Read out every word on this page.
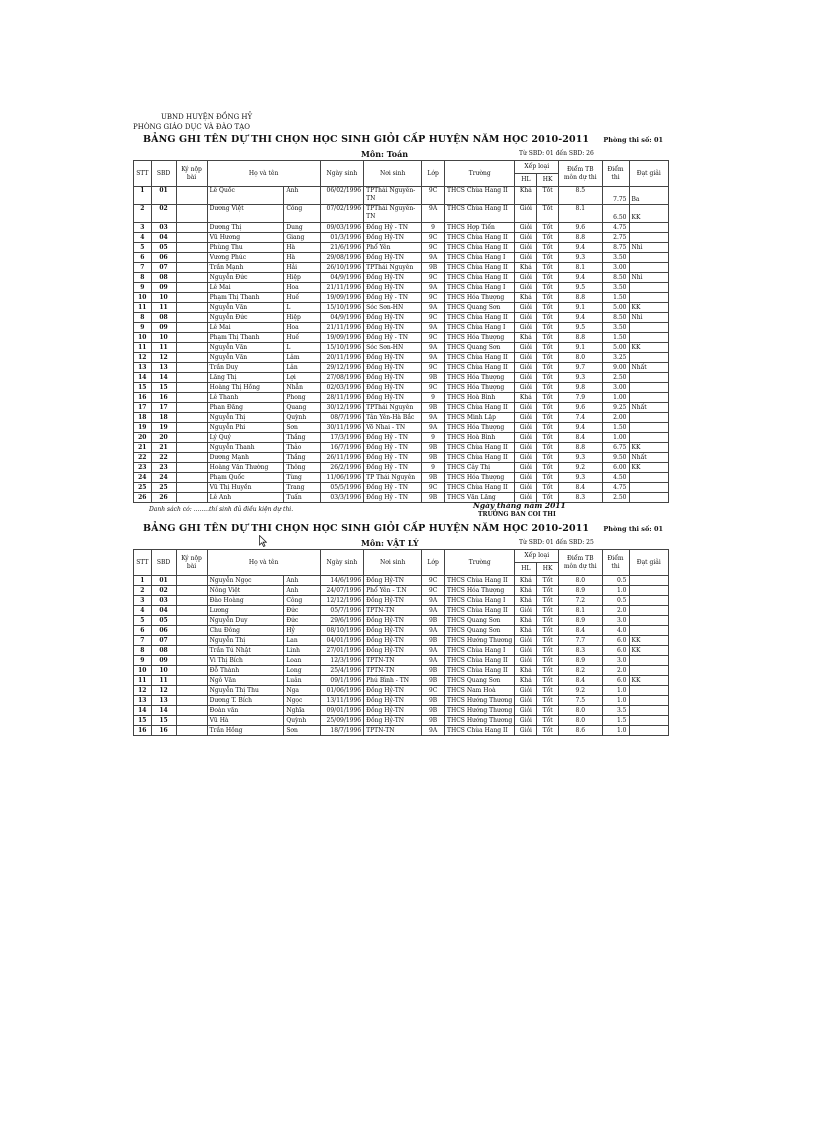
UBND HUYỆN ĐỒNG HỶ
PHÒNG GIÁO DỤC VÀ ĐÀO TẠO
BẢNG GHI TÊN DỰ THI CHỌN HỌC SINH GIỎI CẤP HUYỆN NĂM HỌC 2010-2011 Phòng thi số: 01
Môn: Toán	Từ SBD: 01 đến SBD: 26
STT	SBD	Ký nộp bài	Họ và tên		Ngày sinh	Nơi sinh	Lớp	Trường	Xếp loại		Điểm TB môn dự thi	Điểm thi	Đạt giải
									HL	HK			
1	01		Lê Quốc	Anh	06/02/1996	TPThái Nguyên-TN	9C	THCS Chùa Hang II	Khá	Tốt	8.5	7.75	Ba
2	02		Dương Việt	Công	07/02/1996	TPThái Nguyên-TN	9A	THCS Chùa Hang II	Giỏi	Tốt	8.1	6.50	KK
3	03		Dương Thị	Dung	09/03/1996	Đồng Hỷ - TN	9	THCS Hợp Tiến	Giỏi	Tốt	9.6	4.75	
4	04		Vũ Hương	Giang	01/3/1996	Đồng Hỷ-TN	9C	THCS Chùa Hang II	Giỏi	Tốt	8.8	2.75	
5	05		Phùng Thu	Hà	21/6/1996	Phổ Yên	9C	THCS Chùa Hang II	Giỏi	Tốt	9.4	8.75	Nhì
6	06		Vương Phúc	Hà	29/08/1996	Đồng Hỷ-TN	9A	THCS Chùa Hang I	Giỏi	Tốt	9.3	3.50	
7	07		Trần Mạnh	Hải	26/10/1996	TPThái Nguyên	9B	THCS Chùa Hang II	Khá	Tốt	8.1	3.00	
8	08		Nguyễn Đức	Hiệp	04/9/1996	Đồng Hỷ-TN	9C	THCS Chùa Hang II	Giỏi	Tốt	9.4	8.50	Nhì
9	09		Lê Mai	Hoa	21/11/1996	Đồng Hỷ-TN	9A	THCS Chùa Hang I	Giỏi	Tốt	9.5	3.50	
10	10		Phạm Thị Thanh	Huế	19/09/1996	Đồng Hỷ - TN	9C	THCS Hóa Thượng	Khá	Tốt	8.8	1.50	
11	11		Nguyễn Văn	L	15/10/1996	Sóc Sơn-HN	9A	THCS Quang Sơn	Giỏi	Tốt	9.1	5.00	KK
8	08		Nguyễn Đức	Hiệp	04/9/1996	Đồng Hỷ-TN	9C	THCS Chùa Hang II	Giỏi	Tốt	9.4	8.50	Nhì
9	09		Lê Mai	Hoa	21/11/1996	Đồng Hỷ-TN	9A	THCS Chùa Hang I	Giỏi	Tốt	9.5	3.50	
10	10		Phạm Thị Thanh	Huế	19/09/1996	Đồng Hỷ - TN	9C	THCS Hóa Thượng	Khá	Tốt	8.8	1.50	
11	11		Nguyễn Văn	L	15/10/1996	Sóc Sơn-HN	9A	THCS Quang Sơn	Giỏi	Tốt	9.1	5.00	KK
12	12		Nguyễn Văn	Lâm	20/11/1996	Đồng Hỷ-TN	9A	THCS Chùa Hang II	Giỏi	Tốt	8.0	3.25	
13	13		Trần Duy	Lân	29/12/1996	Đồng Hỷ-TN	9C	THCS Chùa Hang II	Giỏi	Tốt	9.7	9.00	Nhất
14	14		Lăng Thị	Lợi	27/08/1996	Đồng Hỷ-TN	9B	THCS Hóa Thượng	Giỏi	Tốt	9.3	2.50	
15	15		Hoàng Thị Hồng	Nhẫn	02/03/1996	Đồng Hỷ-TN	9C	THCS Hóa Thượng	Giỏi	Tốt	9.8	3.00	
16	16		Lê Thanh	Phong	28/11/1996	Đồng Hỷ-TN	9	THCS Hoà Bình	Khá	Tốt	7.9	1.00	
17	17		Phan Đăng	Quang	30/12/1996	TPThái Nguyên	9B	THCS Chùa Hang II	Giỏi	Tốt	9.6	9.25	Nhất
18	18		Nguyễn Thị	Quỳnh	08/7/1996	Tân Yên-Hà Bắc	9A	THCS Minh Lập	Giỏi	Tốt	7.4	2.00	
19	19		Nguyễn Phi	Sơn	30/11/1996	Võ Nhai - TN	9A	THCS Hóa Thượng	Giỏi	Tốt	9.4	1.50	
20	20		Lý Quý	Thắng	17/3/1996	Đồng Hỷ - TN	9	THCS Hoà Bình	Giỏi	Tốt	8.4	1.00	
21	21		Nguyễn Thanh	Thảo	16/7/1996	Đồng Hỷ - TN	9B	THCS Chùa Hang II	Giỏi	Tốt	8.8	6.75	KK
22	22		Dương Mạnh	Thắng	26/11/1996	Đồng Hỷ - TN	9B	THCS Chùa Hang II	Giỏi	Tốt	9.3	9.50	Nhất
23	23		Hoàng Văn Thường	Thông	26/2/1996	Đồng Hỷ - TN	9	THCS Cây Thị	Giỏi	Tốt	9.2	6.00	KK
24	24		Phạm Quốc	Tùng	11/06/1996	TP Thái Nguyên	9B	THCS Hóa Thượng	Giỏi	Tốt	9.3	4.50	
25	25		Vũ Thị Huyền	Trang	05/5/1996	Đồng Hỷ - TN	9C	THCS Chùa Hang II	Giỏi	Tốt	8.4	4.75	
26	26		Lê Anh	Tuấn	03/3/1996	Đồng Hỷ - TN	9B	THCS Văn Lăng	Giỏi	Tốt	8.3	2.50	
Danh sách có: ........thí sinh đủ điều kiện dự thi.	Ngày tháng năm 2011
TRƯỞNG BAN COI THI
BẢNG GHI TÊN DỰ THI CHỌN HỌC SINH GIỎI CẤP HUYỆN NĂM HỌC 2010-2011 Phòng thi số: 01
Môn: VẬT LÝ	Từ SBD: 01 đến SBD: 25
STT	SBD	Ký nộp bài	Họ và tên		Ngày sinh	Nơi sinh	Lớp	Trường	Xếp loại		Điểm TB môn dự thi	Điểm thi	Đạt giải
									HL	HK			
1	01		Nguyễn Ngọc	Anh	14/6/1996	Đồng Hỷ-TN	9C	THCS Chùa Hang II	Khá	Tốt	8.0	0.5	
2	02		Nông Việt	Anh	24/07/1996	Phổ Yên - T.N	9C	THCS Hóa Thượng	Khá	Tốt	8.9	1.0	
3	03		Đào Hoàng	Công	12/12/1996	Đồng Hỷ-TN	9A	THCS Chùa Hang I	Khá	Tốt	7.2	0.5	
4	04		Lương	Đức	05/7/1996	TPTN-TN	9A	THCS Chùa Hang II	Giỏi	Tốt	8.1	2.0	
5	05		Nguyễn Duy	Đức	29/6/1996	Đồng Hỷ-TN	9B	THCS Quang Sơn	Khá	Tốt	8.9	3.0	
6	06		Chu Đông	Hỷ	08/10/1996	Đồng Hỷ-TN	9A	THCS Quang Sơn	Khá	Tốt	8.4	4.0	
7	07		Nguyễn Thị	Lan	04/01/1996	Đồng Hỷ-TN	9B	THCS Hướng Thương	Giỏi	Tốt	7.7	6.0	KK
8	08		Trần Tú Nhật	Linh	27/01/1996	Đồng Hỷ-TN	9A	THCS Chùa Hang I	Giỏi	Tốt	8.3	6.0	KK
9	09		Vi Thị Bích	Loan	12/3/1996	TPTN-TN	9A	THCS Chùa Hang II	Giỏi	Tốt	8.9	3.0	
10	10		Đỗ Thành	Long	25/4/1996	TPTN-TN	9B	THCS Chùa Hang II	Khá	Tốt	8.2	2.0	
11	11		Ngô Văn	Luân	09/1/1996	Phú Bình - TN	9B	THCS Quang Sơn	Khá	Tốt	8.4	6.0	KK
12	12		Nguyễn Thị Thu	Nga	01/06/1996	Đồng Hỷ-TN	9C	THCS Nam Hoà	Giỏi	Tốt	9.2	1.0	
13	13		Dương T. Bích	Ngọc	13/11/1996	Đồng Hỷ-TN	9B	THCS Hướng Thương	Giỏi	Tốt	7.5	1.0	
14	14		Đoàn văn	Nghĩa	09/01/1996	Đồng Hỷ-TN	9B	THCS Hướng Thương	Giỏi	Tốt	8.0	3.5	
15	15		Vũ Hà	Quỳnh	25/09/1996	Đồng Hỷ-TN	9B	THCS Hướng Thương	Giỏi	Tốt	8.0	1.5	
16	16		Trần Hồng	Sơn	18/7/1996	TPTN-TN	9A	THCS Chùa Hang II	Giỏi	Tốt	8.6	1.0	
